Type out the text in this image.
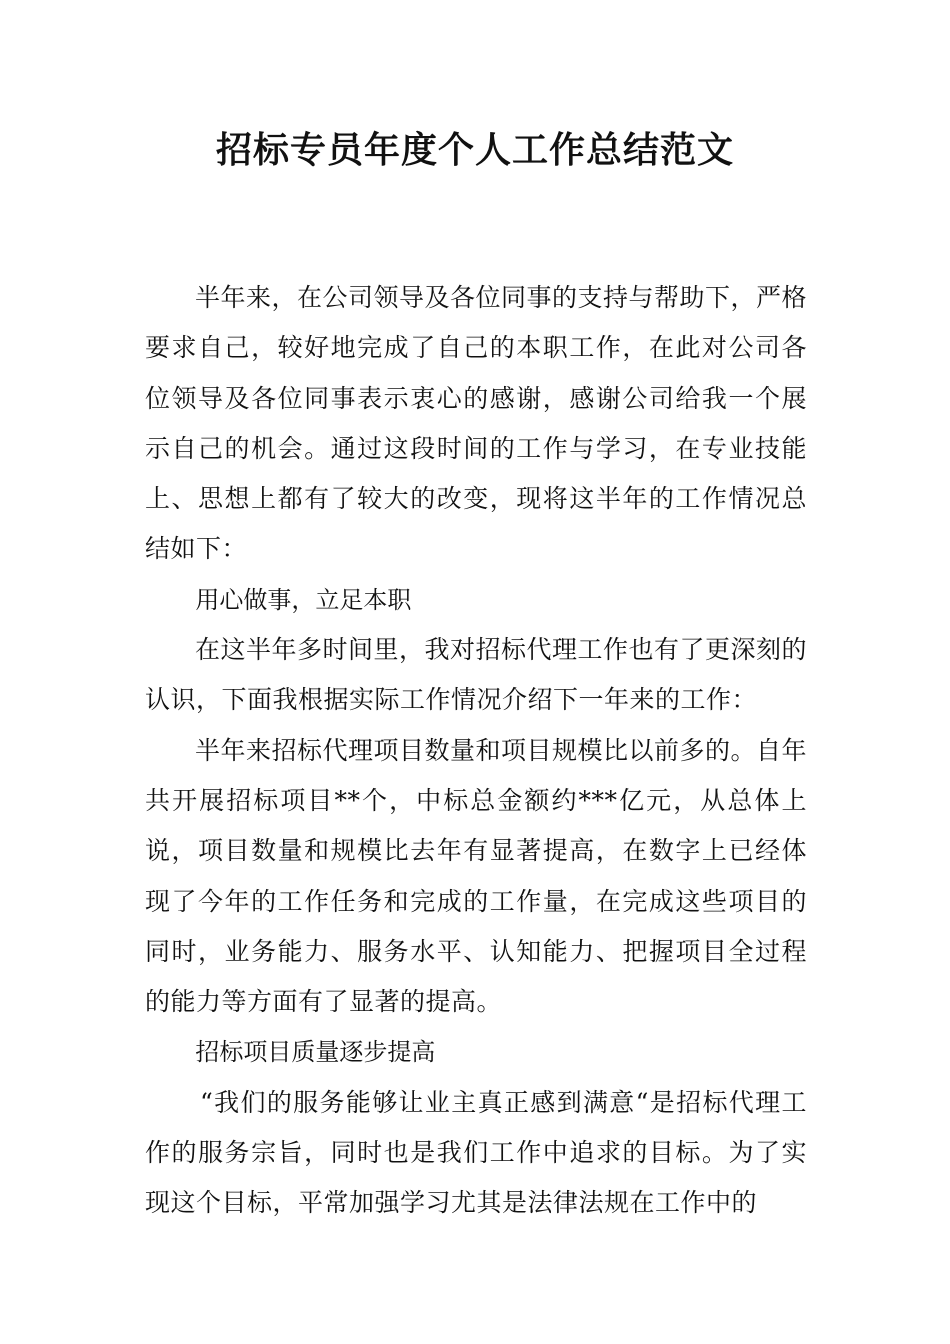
招标专员年度个人工作总结范文

半年来，在公司领导及各位同事的支持与帮助下，严格要求自己，较好地完成了自己的本职工作，在此对公司各位领导及各位同事表示衷心的感谢，感谢公司给我一个展示自己的机会。通过这段时间的工作与学习，在专业技能上、思想上都有了较大的改变，现将这半年的工作情况总结如下：

用心做事，立足本职

在这半年多时间里，我对招标代理工作也有了更深刻的认识，下面我根据实际工作情况介绍下一年来的工作：

半年来招标代理项目数量和项目规模比以前多的。自年共开展招标项目**个，中标总金额约***亿元，从总体上说，项目数量和规模比去年有显著提高，在数字上已经体现了今年的工作任务和完成的工作量，在完成这些项目的同时，业务能力、服务水平、认知能力、把握项目全过程的能力等方面有了显著的提高。

招标项目质量逐步提高

“我们的服务能够让业主真正感到满意“是招标代理工作的服务宗旨，同时也是我们工作中追求的目标。为了实现这个目标，平常加强学习尤其是法律法规在工作中的
